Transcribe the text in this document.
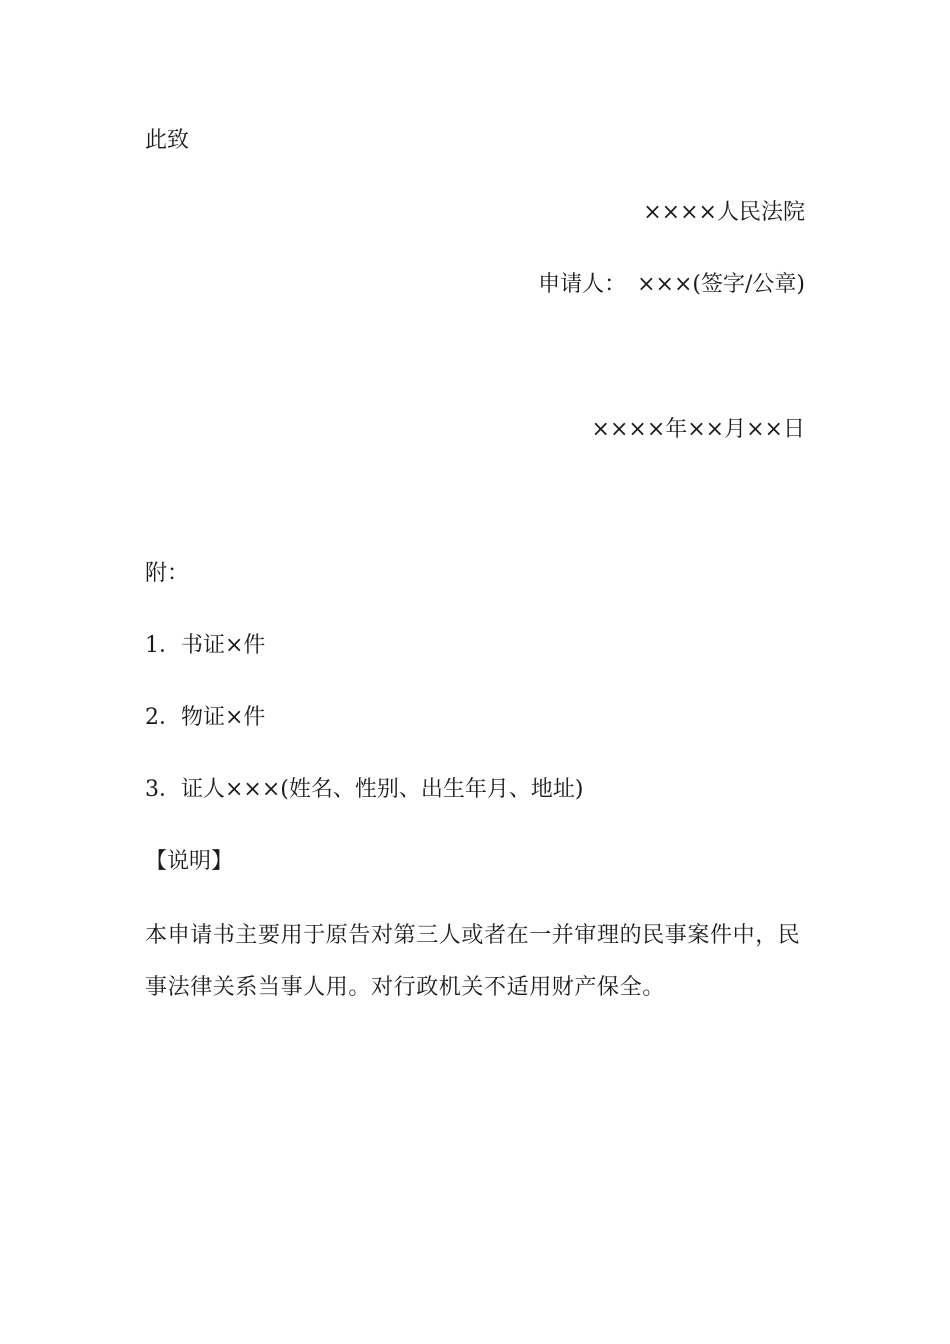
此致
××××人民法院
申请人：　×××(签字/公章)
××××年××月××日
附：
1．书证×件
2．物证×件
3．证人×××(姓名、性别、出生年月、地址)
【说明】
本申请书主要用于原告对第三人或者在一并审理的民事案件中，民事法律关系当事人用。对行政机关不适用财产保全。
